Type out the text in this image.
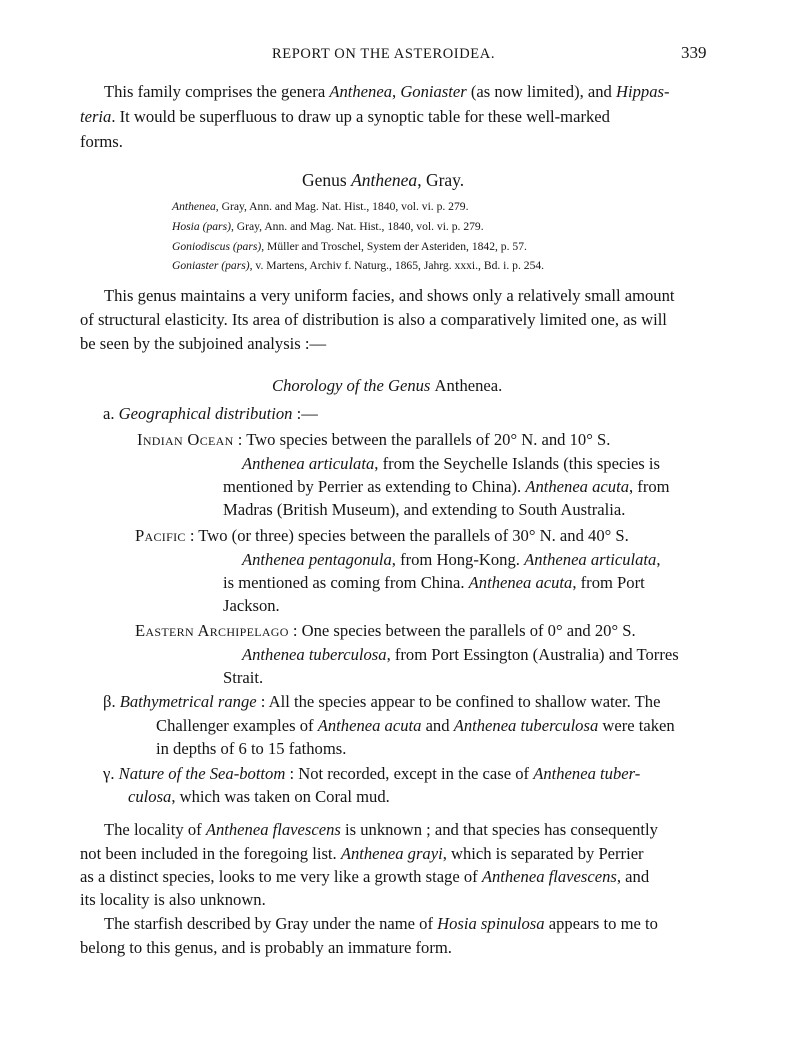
REPORT ON THE ASTEROIDEA.	339
This family comprises the genera Anthenea, Goniaster (as now limited), and Hippas-
teria. It would be superfluous to draw up a synoptic table for these well-marked
forms.
Genus Anthenea, Gray.
Anthenea, Gray, Ann. and Mag. Nat. Hist., 1840, vol. vi. p. 279.
Hosia (pars), Gray, Ann. and Mag. Nat. Hist., 1840, vol. vi. p. 279.
Goniodiscus (pars), Müller and Troschel, System der Asteriden, 1842, p. 57.
Goniaster (pars), v. Martens, Archiv f. Naturg., 1865, Jahrg. xxxi., Bd. i. p. 254.
This genus maintains a very uniform facies, and shows only a relatively small amount
of structural elasticity. Its area of distribution is also a comparatively limited one, as will
be seen by the subjoined analysis :—
Chorology of the Genus Anthenea.
a. Geographical distribution :—
Indian Ocean : Two species between the parallels of 20° N. and 10° S.
Anthenea articulata, from the Seychelle Islands (this species is
mentioned by Perrier as extending to China). Anthenea acuta, from
Madras (British Museum), and extending to South Australia.
Pacific : Two (or three) species between the parallels of 30° N. and 40° S.
Anthenea pentagonula, from Hong-Kong. Anthenea articulata,
is mentioned as coming from China. Anthenea acuta, from Port
Jackson.
Eastern Archipelago : One species between the parallels of 0° and 20° S.
Anthenea tuberculosa, from Port Essington (Australia) and Torres
Strait.
β. Bathymetrical range : All the species appear to be confined to shallow water. The
Challenger examples of Anthenea acuta and Anthenea tuberculosa were taken
in depths of 6 to 15 fathoms.
γ. Nature of the Sea-bottom : Not recorded, except in the case of Anthenea tuber-
culosa, which was taken on Coral mud.
The locality of Anthenea flavescens is unknown ; and that species has consequently
not been included in the foregoing list. Anthenea grayi, which is separated by Perrier
as a distinct species, looks to me very like a growth stage of Anthenea flavescens, and
its locality is also unknown.
The starfish described by Gray under the name of Hosia spinulosa appears to me to
belong to this genus, and is probably an immature form.
